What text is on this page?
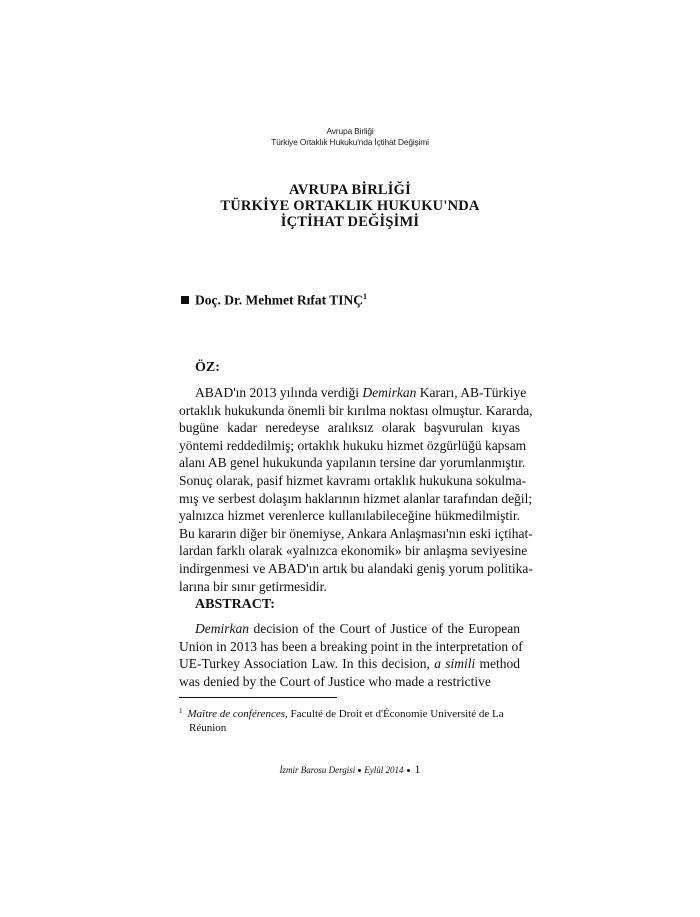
Avrupa Birliği
Türkiye Ortaklık Hukuku'nda İçtihat Değişimi
AVRUPA BİRLİĞİ
TÜRKİYE ORTAKLIK HUKUKU'NDA
İÇTİHAT DEĞİŞİMİ
Doç. Dr. Mehmet Rıfat TINÇ$^1$
ÖZ:
ABAD'ın 2013 yılında verdiği Demirkan Kararı, AB-Türkiye
ortaklık hukukunda önemli bir kırılma noktası olmuştur. Kararda,
bugüne kadar neredeyse aralıksız olarak başvurulan kıyas
yöntemi reddedilmiş; ortaklık hukuku hizmet özgürlüğü kapsam
alanı AB genel hukukunda yapılanın tersine dar yorumlanmıştır.
Sonuç olarak, pasif hizmet kavramı ortaklık hukukuna sokulma-
mış ve serbest dolaşım haklarının hizmet alanlar tarafından değil;
yalnızca hizmet verenlerce kullanılabileceğine hükmedilmiştir.
Bu kararın diğer bir önemiyse, Ankara Anlaşması'nın eski içtihat-
lardan farklı olarak «yalnızca ekonomik» bir anlaşma seviyesine
indirgenmesi ve ABAD'ın artık bu alandaki geniş yorum politika-
larına bir sınır getirmesidir.
ABSTRACT:
Demirkan decision of the Court of Justice of the European
Union in 2013 has been a breaking point in the interpretation of
UE-Turkey Association Law. In this decision, a simili method
was denied by the Court of Justice who made a restrictive
$^1$ Maître de conférences, Faculté de Droit et d'Économie Université de La
Réunion
İzmir Barosu Dergisi Eylül 2014 1
